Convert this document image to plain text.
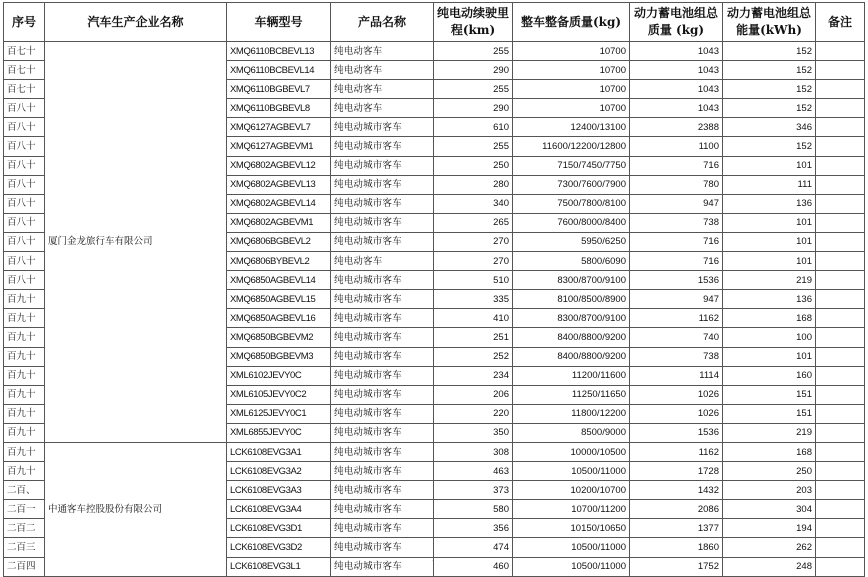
序号	汽车生产企业名称	车辆型号	产品名称	纯电动续驶里程(km)	整车整备质量(kg)	动力蓄电池组总质量 (kg)	动力蓄电池组总能量(kWh)	备注
百七十	厦门金龙旅行车有限公司	XMQ6110BCBEVL13	纯电动客车	255	10700	1043	152	
百七十		XMQ6110BCBEVL14	纯电动客车	290	10700	1043	152	
百七十		XMQ6110BGBEVL7	纯电动客车	255	10700	1043	152	
百八十		XMQ6110BGBEVL8	纯电动客车	290	10700	1043	152	
百八十		XMQ6127AGBEVL7	纯电动城市客车	610	12400/13100	2388	346	
百八十		XMQ6127AGBEVM1	纯电动城市客车	255	11600/12200/12800	1100	152	
百八十		XMQ6802AGBEVL12	纯电动城市客车	250	7150/7450/7750	716	101	
百八十		XMQ6802AGBEVL13	纯电动城市客车	280	7300/7600/7900	780	111	
百八十		XMQ6802AGBEVL14	纯电动城市客车	340	7500/7800/8100	947	136	
百八十		XMQ6802AGBEVM1	纯电动城市客车	265	7600/8000/8400	738	101	
百八十		XMQ6806BGBEVL2	纯电动城市客车	270	5950/6250	716	101	
百八十		XMQ6806BYBEVL2	纯电动客车	270	5800/6090	716	101	
百八十		XMQ6850AGBEVL14	纯电动城市客车	510	8300/8700/9100	1536	219	
百九十		XMQ6850AGBEVL15	纯电动城市客车	335	8100/8500/8900	947	136	
百九十		XMQ6850AGBEVL16	纯电动城市客车	410	8300/8700/9100	1162	168	
百九十		XMQ6850BGBEVM2	纯电动城市客车	251	8400/8800/9200	740	100	
百九十		XMQ6850BGBEVM3	纯电动城市客车	252	8400/8800/9200	738	101	
百九十		XML6102JEVY0C	纯电动城市客车	234	11200/11600	1114	160	
百九十		XML6105JEVY0C2	纯电动城市客车	206	11250/11650	1026	151	
百九十		XML6125JEVY0C1	纯电动城市客车	220	11800/12200	1026	151	
百九十		XML6855JEVY0C	纯电动城市客车	350	8500/9000	1536	219	
百九十	中通客车控股股份有限公司	LCK6108EVG3A1	纯电动城市客车	308	10000/10500	1162	168	
百九十		LCK6108EVG3A2	纯电动城市客车	463	10500/11000	1728	250	
二百、		LCK6108EVG3A3	纯电动城市客车	373	10200/10700	1432	203	
二百一		LCK6108EVG3A4	纯电动城市客车	580	10700/11200	2086	304	
二百二		LCK6108EVG3D1	纯电动城市客车	356	10150/10650	1377	194	
二百三		LCK6108EVG3D2	纯电动城市客车	474	10500/11000	1860	262	
二百四		LCK6108EVG3L1	纯电动城市客车	460	10500/11000	1752	248	
·
